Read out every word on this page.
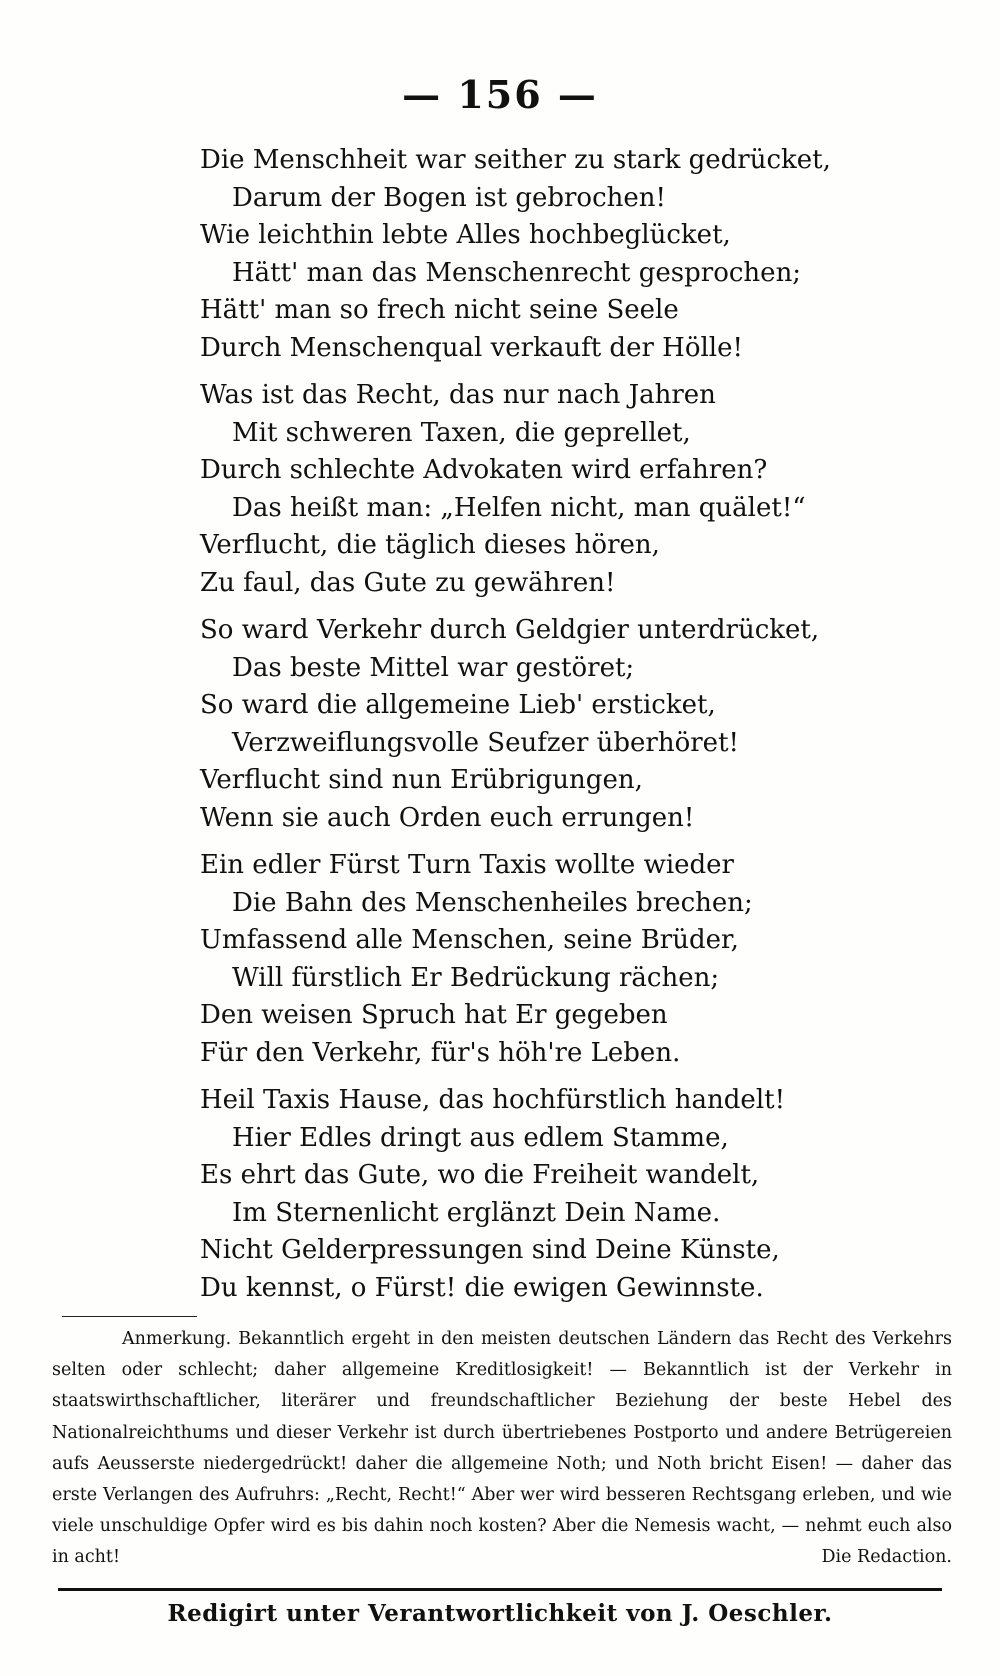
— 156 —
Die Menschheit war seither zu stark gedrücket,
Darum der Bogen ist gebrochen!
Wie leichthin lebte Alles hochbeglücket,
Hätt' man das Menschenrecht gesprochen;
Hätt' man so frech nicht seine Seele
Durch Menschenqual verkauft der Hölle!
Was ist das Recht, das nur nach Jahren
Mit schweren Taxen, die geprellet,
Durch schlechte Advokaten wird erfahren?
Das heißt man: „Helfen nicht, man quälet!“
Verflucht, die täglich dieses hören,
Zu faul, das Gute zu gewähren!
So ward Verkehr durch Geldgier unterdrücket,
Das beste Mittel war gestöret;
So ward die allgemeine Lieb' ersticket,
Verzweiflungsvolle Seufzer überhöret!
Verflucht sind nun Erübrigungen,
Wenn sie auch Orden euch errungen!
Ein edler Fürst Turn Taxis wollte wieder
Die Bahn des Menschenheiles brechen;
Umfassend alle Menschen, seine Brüder,
Will fürstlich Er Bedrückung rächen;
Den weisen Spruch hat Er gegeben
Für den Verkehr, für's höh're Leben.
Heil Taxis Hause, das hochfürstlich handelt!
Hier Edles dringt aus edlem Stamme,
Es ehrt das Gute, wo die Freiheit wandelt,
Im Sternenlicht erglänzt Dein Name.
Nicht Gelderpressungen sind Deine Künste,
Du kennst, o Fürst! die ewigen Gewinnste.

Anmerkung. Bekanntlich ergeht in den meisten deutschen Ländern das Recht des Verkehrs selten oder schlecht; daher allgemeine Kreditlosigkeit! — Bekanntlich ist der Verkehr in staatswirthschaftlicher, literärer und freundschaftlicher Beziehung der beste Hebel des Nationalreichthums und dieser Verkehr ist durch übertriebenes Postporto und andere Betrügereien aufs Aeusserste niedergedrückt! daher die allgemeine Noth; und Noth bricht Eisen! — daher das erste Verlangen des Aufruhrs: „Recht, Recht!“ Aber wer wird besseren Rechtsgang erleben, und wie viele unschuldige Opfer wird es bis dahin noch kosten? Aber die Nemesis wacht, — nehmt euch also in acht!	Die Redaction.

Redigirt unter Verantwortlichkeit von J. Oeschler.
